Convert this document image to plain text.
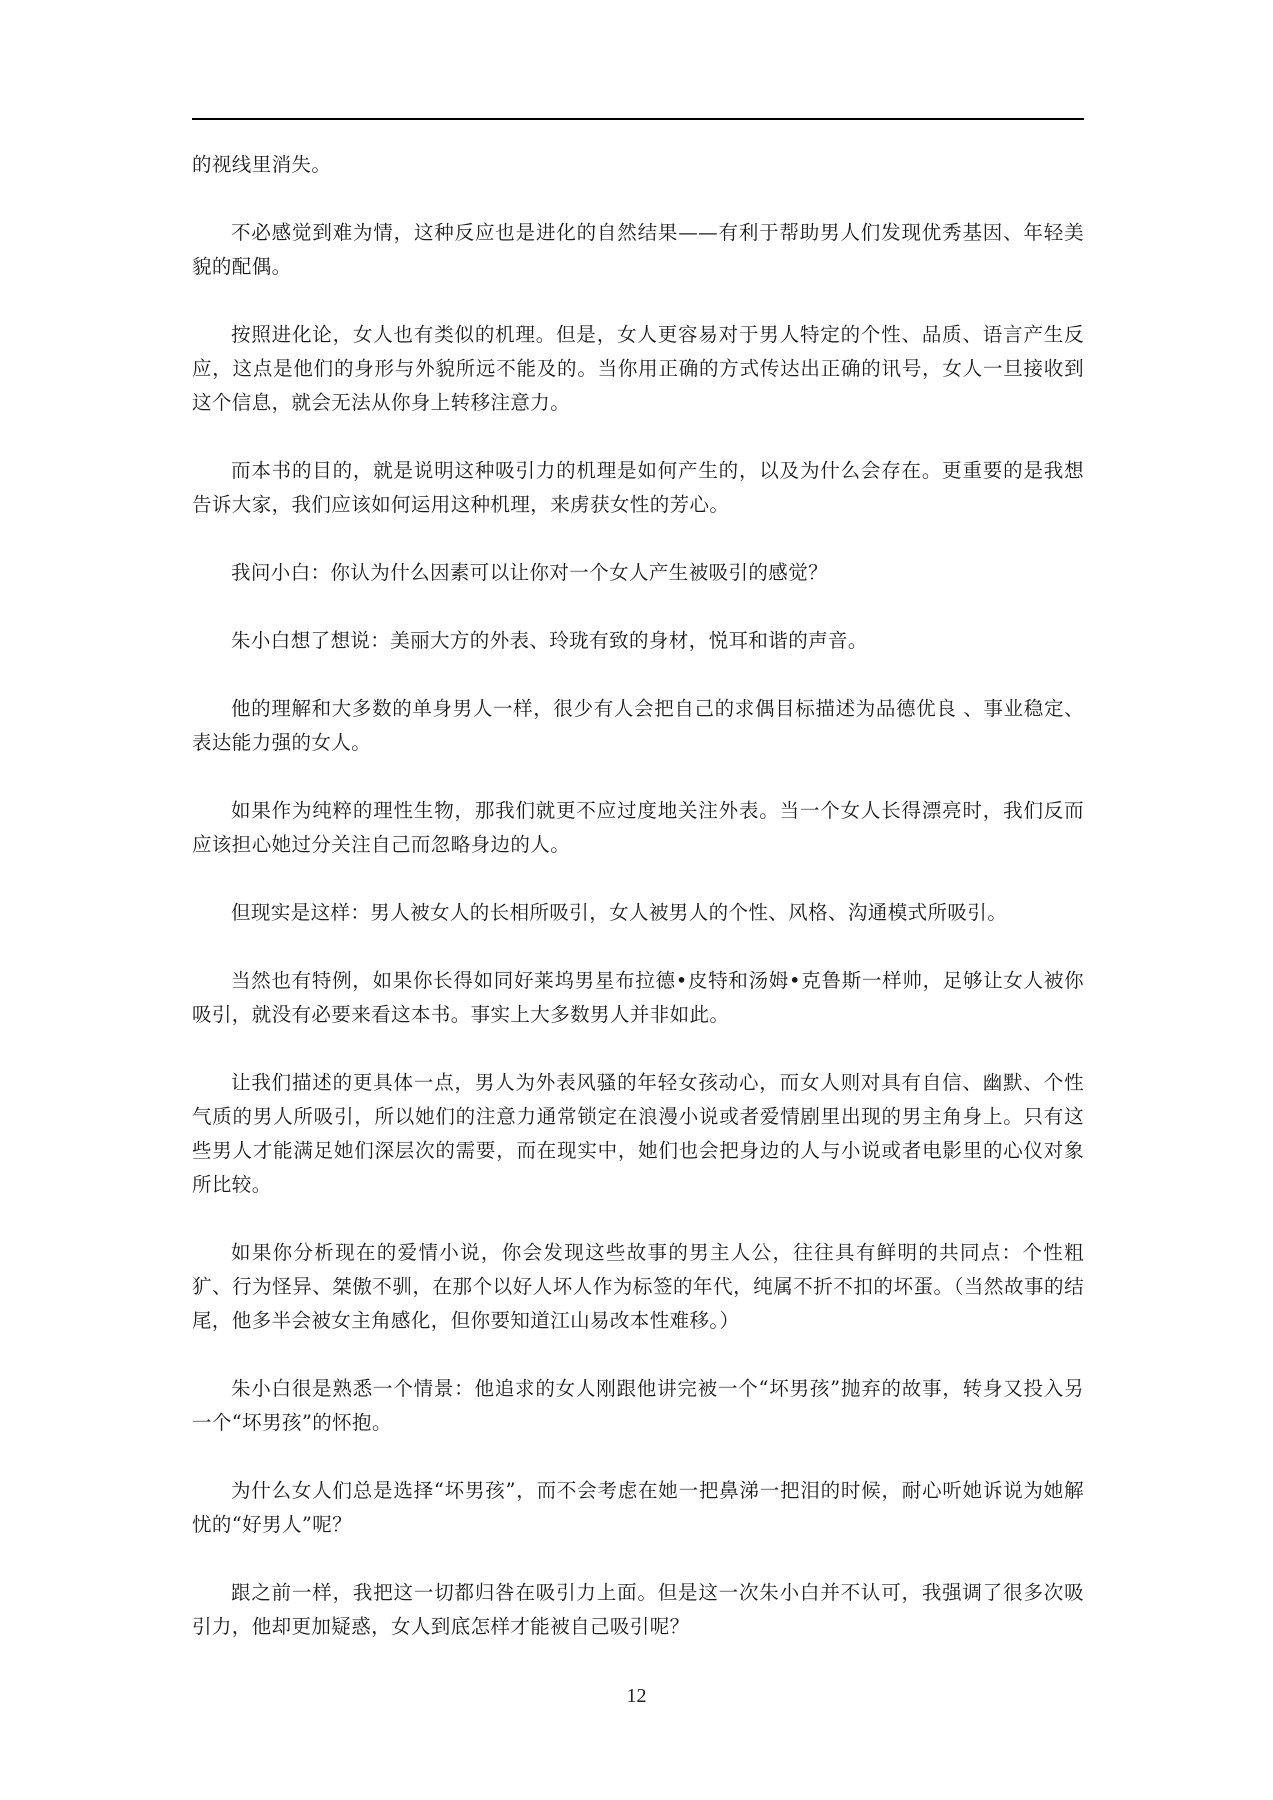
的视线里消失。

不必感觉到难为情，这种反应也是进化的自然结果——有利于帮助男人们发现优秀基因、年轻美貌的配偶。

按照进化论，女人也有类似的机理。但是，女人更容易对于男人特定的个性、品质、语言产生反应，这点是他们的身形与外貌所远不能及的。当你用正确的方式传达出正确的讯号，女人一旦接收到这个信息，就会无法从你身上转移注意力。

而本书的目的，就是说明这种吸引力的机理是如何产生的，以及为什么会存在。更重要的是我想告诉大家，我们应该如何运用这种机理，来虏获女性的芳心。

我问小白：你认为什么因素可以让你对一个女人产生被吸引的感觉？

朱小白想了想说：美丽大方的外表、玲珑有致的身材，悦耳和谐的声音。

他的理解和大多数的单身男人一样，很少有人会把自己的求偶目标描述为品德优良 、事业稳定、表达能力强的女人。

如果作为纯粹的理性生物，那我们就更不应过度地关注外表。当一个女人长得漂亮时，我们反而应该担心她过分关注自己而忽略身边的人。

但现实是这样：男人被女人的长相所吸引，女人被男人的个性、风格、沟通模式所吸引。

当然也有特例，如果你长得如同好莱坞男星布拉德•皮特和汤姆•克鲁斯一样帅，足够让女人被你吸引，就没有必要来看这本书。事实上大多数男人并非如此。

让我们描述的更具体一点，男人为外表风骚的年轻女孩动心，而女人则对具有自信、幽默、个性气质的男人所吸引，所以她们的注意力通常锁定在浪漫小说或者爱情剧里出现的男主角身上。只有这些男人才能满足她们深层次的需要，而在现实中，她们也会把身边的人与小说或者电影里的心仪对象所比较。

如果你分析现在的爱情小说，你会发现这些故事的男主人公，往往具有鲜明的共同点：个性粗犷、行为怪异、桀傲不驯，在那个以好人坏人作为标签的年代，纯属不折不扣的坏蛋。（当然故事的结尾，他多半会被女主角感化，但你要知道江山易改本性难移。）

朱小白很是熟悉一个情景：他追求的女人刚跟他讲完被一个“坏男孩”抛弃的故事，转身又投入另一个“坏男孩”的怀抱。

为什么女人们总是选择“坏男孩”，而不会考虑在她一把鼻涕一把泪的时候，耐心听她诉说为她解忧的“好男人”呢？

跟之前一样，我把这一切都归咎在吸引力上面。但是这一次朱小白并不认可，我强调了很多次吸引力，他却更加疑惑，女人到底怎样才能被自己吸引呢？

12
